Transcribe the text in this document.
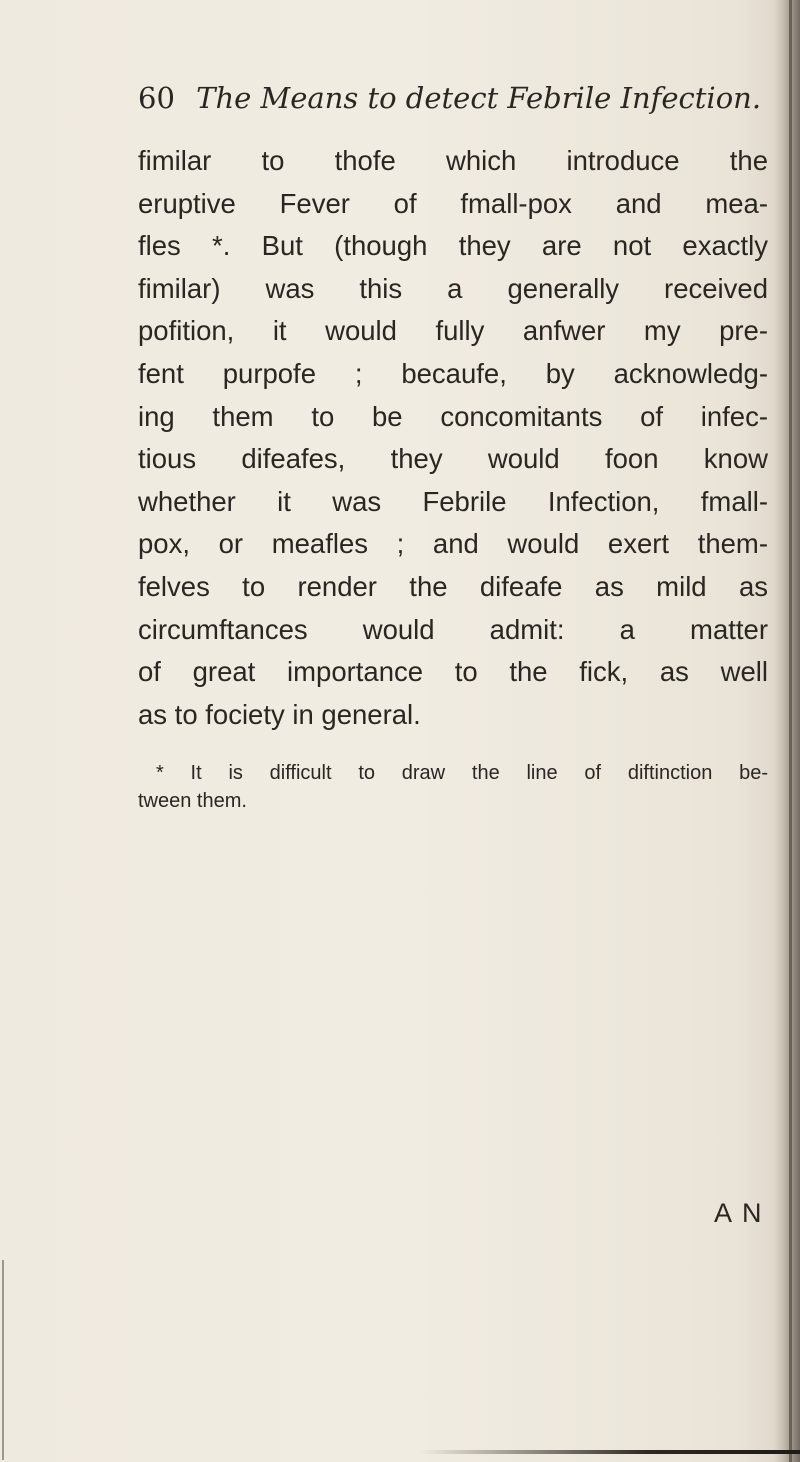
60 The Means to detect Febrile Infection.
fimilar to thofe which introduce the
eruptive Fever of fmall-pox and mea-
fles *. But (though they are not exactly
fimilar) was this a generally received
pofition, it would fully anfwer my pre-
fent purpofe ; becaufe, by acknowledg-
ing them to be concomitants of infec-
tious difeafes, they would foon know
whether it was Febrile Infection, fmall-
pox, or meafles ; and would exert them-
felves to render the difeafe as mild as
circumftances would admit: a matter
of great importance to the fick, as well
as to fociety in general.
* It is difficult to draw the line of diftinction be-
tween them.
A N
